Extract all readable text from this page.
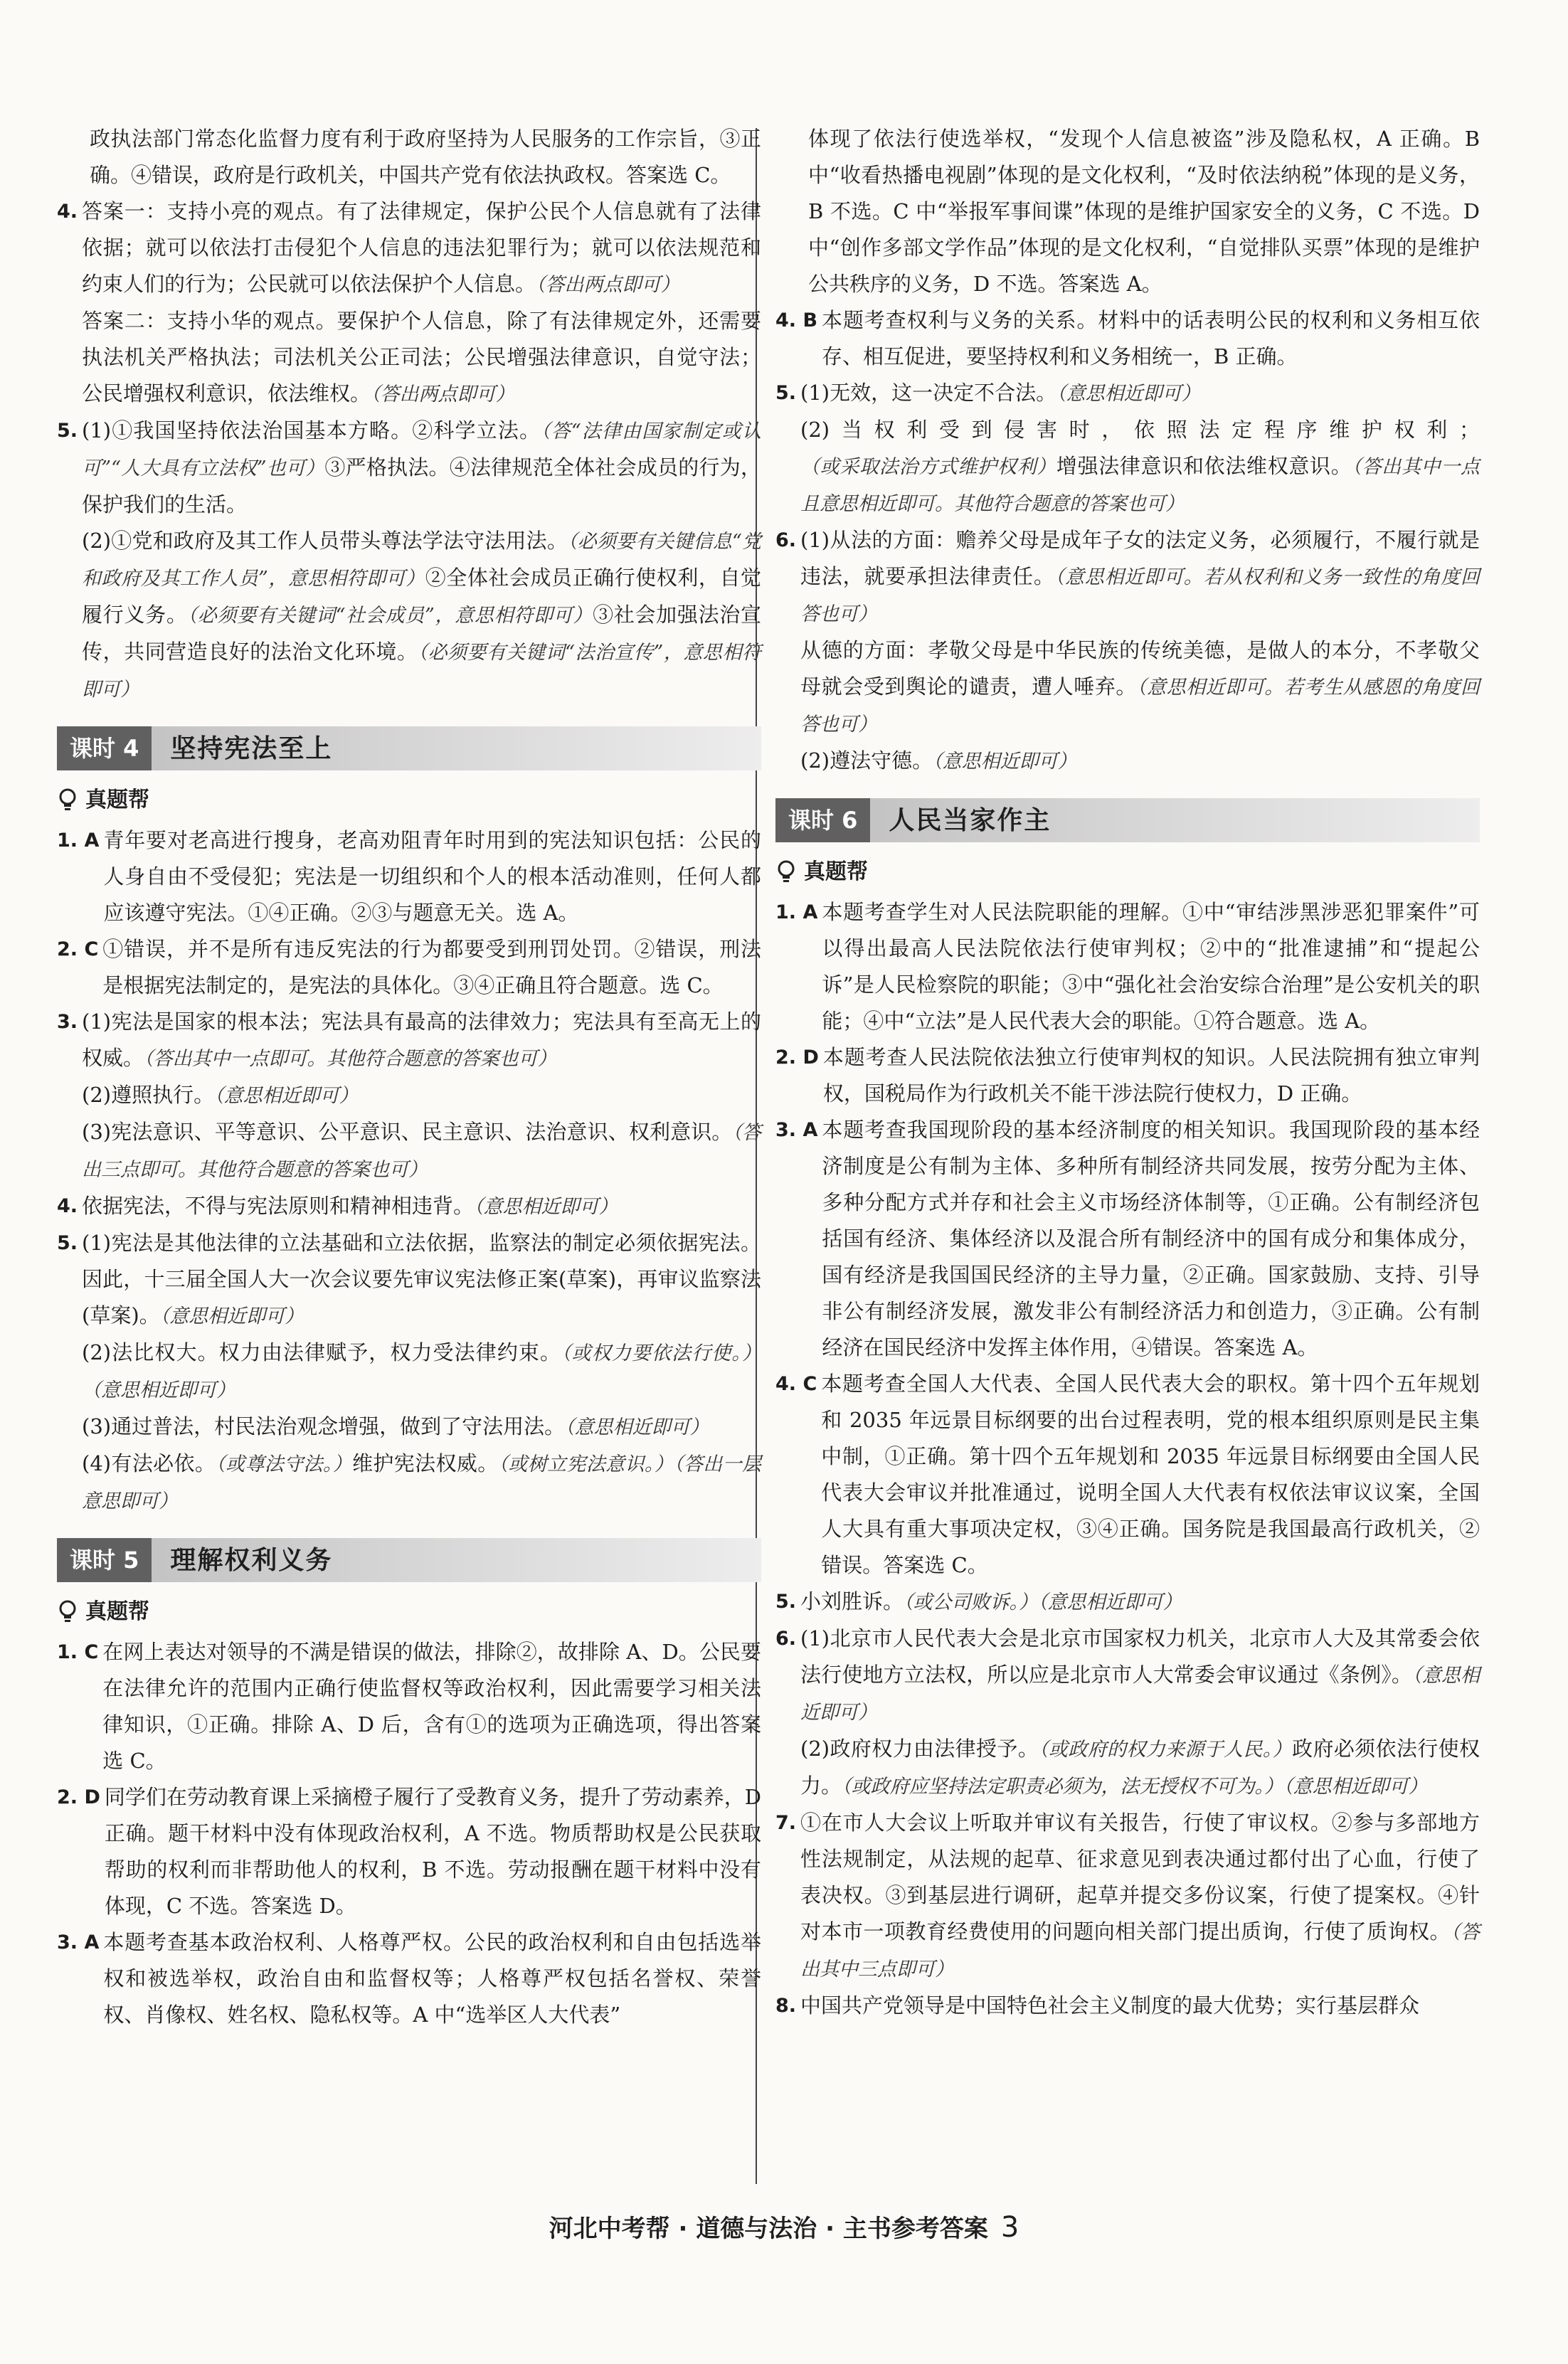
政执法部门常态化监督力度有利于政府坚持为人民服务的工作宗旨，③正确。④错误，政府是行政机关，中国共产党有依法执政权。答案选 C。

4. 答案一：支持小亮的观点。有了法律规定，保护公民个人信息就有了法律依据；就可以依法打击侵犯个人信息的违法犯罪行为；就可以依法规范和约束人们的行为；公民就可以依法保护个人信息。（答出两点即可）
答案二：支持小华的观点。要保护个人信息，除了有法律规定外，还需要执法机关严格执法；司法机关公正司法；公民增强法律意识，自觉守法；公民增强权利意识，依法维权。（答出两点即可）
5. (1)①我国坚持依法治国基本方略。②科学立法。（答“法律由国家制定或认可”“人大具有立法权”也可）③严格执法。④法律规范全体社会成员的行为，保护我们的生活。
(2)①党和政府及其工作人员带头尊法学法守法用法。（必须要有关键信息“党和政府及其工作人员”，意思相符即可）②全体社会成员正确行使权利，自觉履行义务。（必须要有关键词“社会成员”，意思相符即可）③社会加强法治宣传，共同营造良好的法治文化环境。（必须要有关键词“法治宣传”，意思相符即可）
课时 4	坚持宪法至上
真题帮
1. A 青年要对老高进行搜身，老高劝阻青年时用到的宪法知识包括：公民的人身自由不受侵犯；宪法是一切组织和个人的根本活动准则，任何人都应该遵守宪法。①④正确。②③与题意无关。选 A。
2. C ①错误，并不是所有违反宪法的行为都要受到刑罚处罚。②错误，刑法是根据宪法制定的，是宪法的具体化。③④正确且符合题意。选 C。
3. (1)宪法是国家的根本法；宪法具有最高的法律效力；宪法具有至高无上的权威。（答出其中一点即可。其他符合题意的答案也可）
(2)遵照执行。（意思相近即可）
(3)宪法意识、平等意识、公平意识、民主意识、法治意识、权利意识。（答出三点即可。其他符合题意的答案也可）
4. 依据宪法，不得与宪法原则和精神相违背。（意思相近即可）
5. (1)宪法是其他法律的立法基础和立法依据，监察法的制定必须依据宪法。因此，十三届全国人大一次会议要先审议宪法修正案(草案)，再审议监察法(草案)。（意思相近即可）
(2)法比权大。权力由法律赋予，权力受法律约束。（或权力要依法行使。）（意思相近即可）
(3)通过普法，村民法治观念增强，做到了守法用法。（意思相近即可）
(4)有法必依。（或尊法守法。）维护宪法权威。（或树立宪法意识。）（答出一层意思即可）
课时 5	理解权利义务
真题帮
1. C 在网上表达对领导的不满是错误的做法，排除②，故排除 A、D。公民要在法律允许的范围内正确行使监督权等政治权利，因此需要学习相关法律知识，①正确。排除 A、D 后，含有①的选项为正确选项，得出答案选 C。
2. D 同学们在劳动教育课上采摘橙子履行了受教育义务，提升了劳动素养，D 正确。题干材料中没有体现政治权利，A 不选。物质帮助权是公民获取帮助的权利而非帮助他人的权利，B 不选。劳动报酬在题干材料中没有体现，C 不选。答案选 D。
3. A 本题考查基本政治权利、人格尊严权。公民的政治权利和自由包括选举权和被选举权，政治自由和监督权等；人格尊严权包括名誉权、荣誉权、肖像权、姓名权、隐私权等。A 中“选举区人大代表”

体现了依法行使选举权，“发现个人信息被盗”涉及隐私权，A 正确。B 中“收看热播电视剧”体现的是文化权利，“及时依法纳税”体现的是义务，B 不选。C 中“举报军事间谍”体现的是维护国家安全的义务，C 不选。D 中“创作多部文学作品”体现的是文化权利，“自觉排队买票”体现的是维护公共秩序的义务，D 不选。答案选 A。

4. B 本题考查权利与义务的关系。材料中的话表明公民的权利和义务相互依存、相互促进，要坚持权利和义务相统一，B 正确。
5. (1)无效，这一决定不合法。（意思相近即可）
(2)当权利受到侵害时，依照法定程序维护权利；（或采取法治方式维护权利）增强法律意识和依法维权意识。（答出其中一点且意思相近即可。其他符合题意的答案也可）
6. (1)从法的方面：赡养父母是成年子女的法定义务，必须履行，不履行就是违法，就要承担法律责任。（意思相近即可。若从权利和义务一致性的角度回答也可）
从德的方面：孝敬父母是中华民族的传统美德，是做人的本分，不孝敬父母就会受到舆论的谴责，遭人唾弃。（意思相近即可。若考生从感恩的角度回答也可）
(2)遵法守德。（意思相近即可）
课时 6	人民当家作主
真题帮
1. A 本题考查学生对人民法院职能的理解。①中“审结涉黑涉恶犯罪案件”可以得出最高人民法院依法行使审判权；②中的“批准逮捕”和“提起公诉”是人民检察院的职能；③中“强化社会治安综合治理”是公安机关的职能；④中“立法”是人民代表大会的职能。①符合题意。选 A。
2. D 本题考查人民法院依法独立行使审判权的知识。人民法院拥有独立审判权，国税局作为行政机关不能干涉法院行使权力，D 正确。
3. A 本题考查我国现阶段的基本经济制度的相关知识。我国现阶段的基本经济制度是公有制为主体、多种所有制经济共同发展，按劳分配为主体、多种分配方式并存和社会主义市场经济体制等，①正确。公有制经济包括国有经济、集体经济以及混合所有制经济中的国有成分和集体成分，国有经济是我国国民经济的主导力量，②正确。国家鼓励、支持、引导非公有制经济发展，激发非公有制经济活力和创造力，③正确。公有制经济在国民经济中发挥主体作用，④错误。答案选 A。
4. C 本题考查全国人大代表、全国人民代表大会的职权。第十四个五年规划和 2035 年远景目标纲要的出台过程表明，党的根本组织原则是民主集中制，①正确。第十四个五年规划和 2035 年远景目标纲要由全国人民代表大会审议并批准通过，说明全国人大代表有权依法审议议案，全国人大具有重大事项决定权，③④正确。国务院是我国最高行政机关，②错误。答案选 C。
5. 小刘胜诉。（或公司败诉。）（意思相近即可）
6. (1)北京市人民代表大会是北京市国家权力机关，北京市人大及其常委会依法行使地方立法权，所以应是北京市人大常委会审议通过《条例》。（意思相近即可）
(2)政府权力由法律授予。（或政府的权力来源于人民。）政府必须依法行使权力。（或政府应坚持法定职责必须为，法无授权不可为。）（意思相近即可）
7. ①在市人大会议上听取并审议有关报告，行使了审议权。②参与多部地方性法规制定，从法规的起草、征求意见到表决通过都付出了心血，行使了表决权。③到基层进行调研，起草并提交多份议案，行使了提案权。④针对本市一项教育经费使用的问题向相关部门提出质询，行使了质询权。（答出其中三点即可）
8. 中国共产党领导是中国特色社会主义制度的最大优势；实行基层群众
河北中考帮 · 道德与法治 · 主书参考答案 3
